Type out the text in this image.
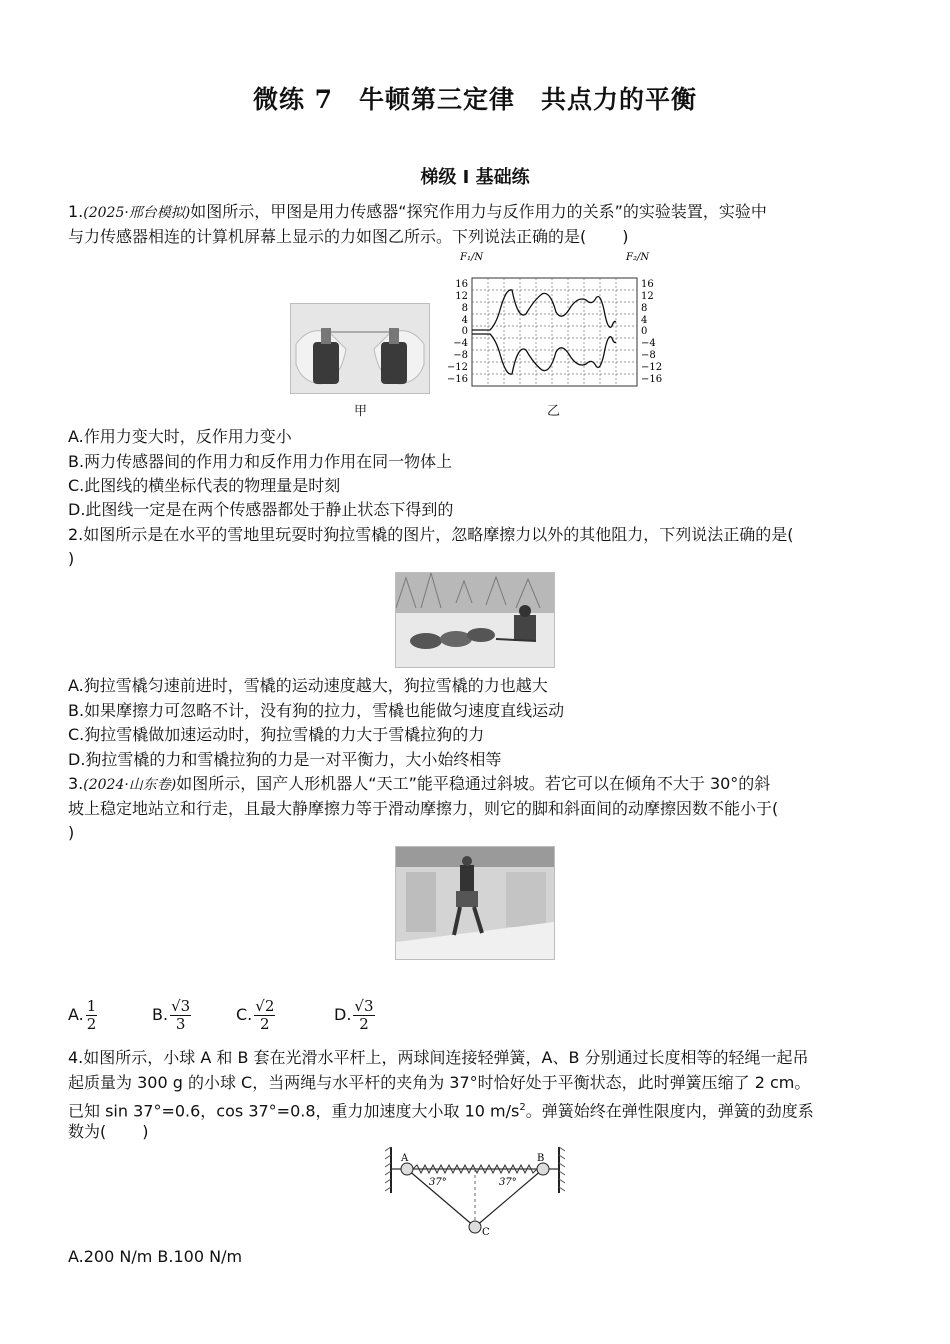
微练 7　牛顿第三定律　共点力的平衡
梯级 Ⅰ 基础练
1.(2025·邢台模拟)如图所示，甲图是用力传感器“探究作用力与反作用力的关系”的实验装置，实验中
与力传感器相连的计算机屏幕上显示的力如图乙所示。下列说法正确的是( )
甲
F₁/N	F₂/N
16
12
8
4
0
−4
−8
−12
−16
16
12
8
4
0
−4
−8
−12
−16
乙
A.作用力变大时，反作用力变小
B.两力传感器间的作用力和反作用力作用在同一物体上
C.此图线的横坐标代表的物理量是时刻
D.此图线一定是在两个传感器都处于静止状态下得到的
2.如图所示是在水平的雪地里玩耍时狗拉雪橇的图片，忽略摩擦力以外的其他阻力，下列说法正确的是(
)
A.狗拉雪橇匀速前进时，雪橇的运动速度越大，狗拉雪橇的力也越大
B.如果摩擦力可忽略不计，没有狗的拉力，雪橇也能做匀速度直线运动
C.狗拉雪橇做加速运动时，狗拉雪橇的力大于雪橇拉狗的力
D.狗拉雪橇的力和雪橇拉狗的力是一对平衡力，大小始终相等
3.(2024·山东卷)如图所示，国产人形机器人“天工”能平稳通过斜坡。若它可以在倾角不大于 30°的斜
坡上稳定地站立和行走，且最大静摩擦力等于滑动摩擦力，则它的脚和斜面间的动摩擦因数不能小于(
)
A. $\frac{1}{2}$	B. $\frac{√3}{3}$	C. $\frac{√2}{2}$	D. $\frac{√3}{2}$
4.如图所示，小球 A 和 B 套在光滑水平杆上，两球间连接轻弹簧，A、B 分别通过长度相等的轻绳一起吊
起质量为 300 g 的小球 C，当两绳与水平杆的夹角为 37°时恰好处于平衡状态，此时弹簧压缩了 2 cm。
已知 sin 37°=0.6，cos 37°=0.8，重力加速度大小取 10 $m/s^2$。弹簧始终在弹性限度内，弹簧的劲度系
数为( )
A	B
C
37°	37°
A.200 N/m B.100 N/m
